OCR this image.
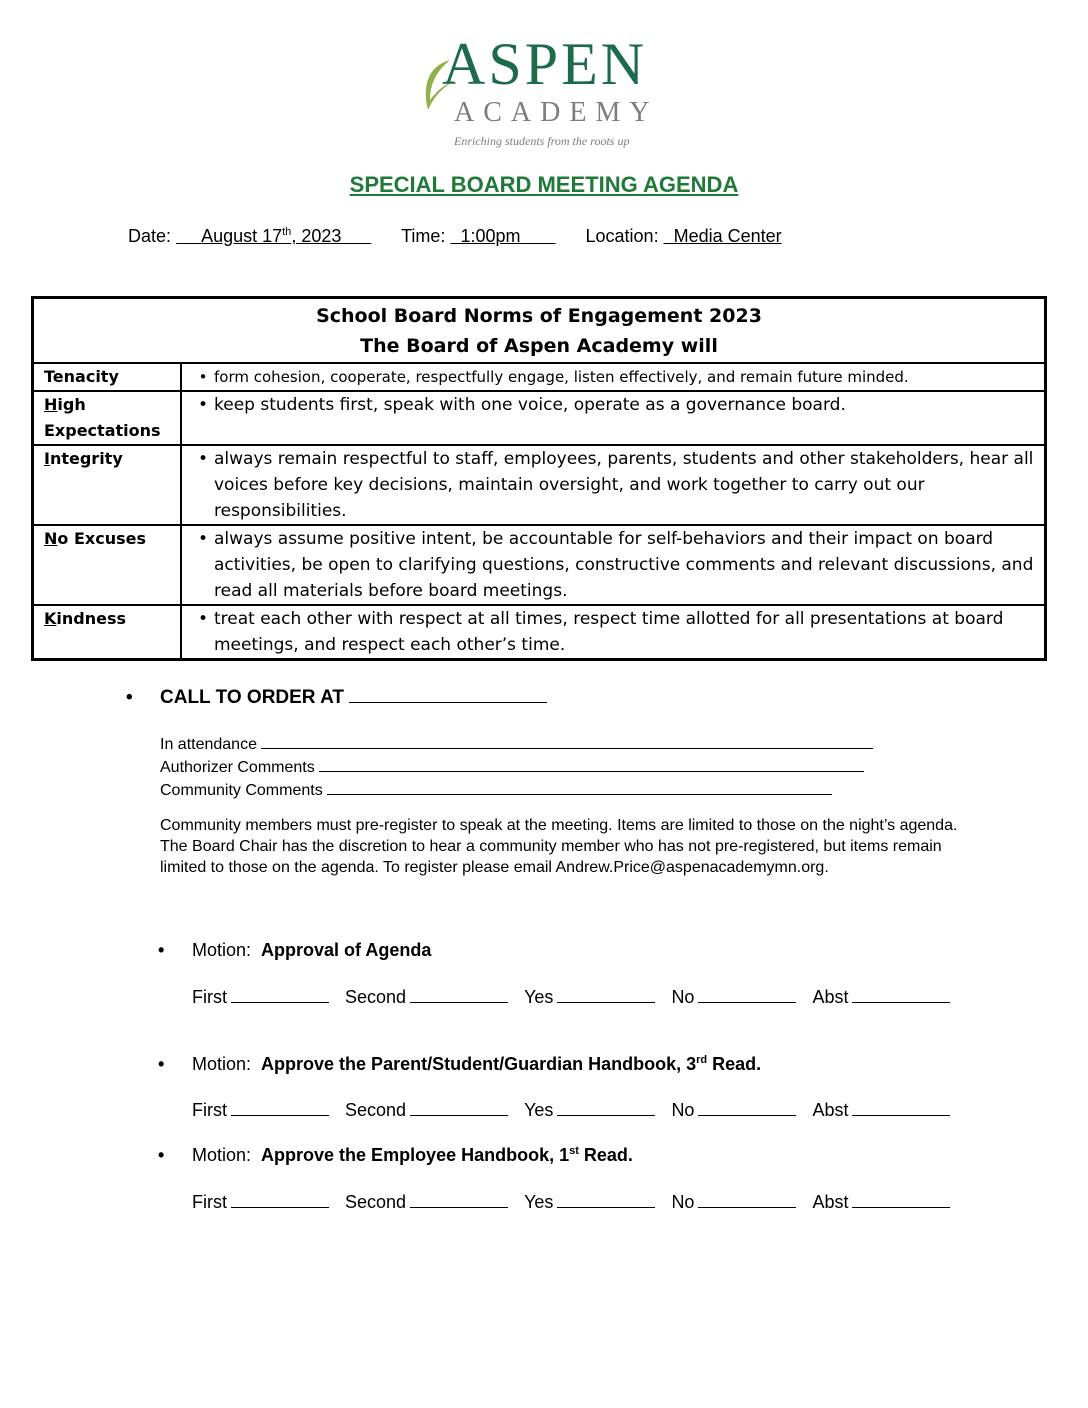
ASPEN
ACADEMY
Enriching students from the roots up
SPECIAL BOARD MEETING AGENDA
Date: August 17th, 2023	Time: 1:00pm	Location: Media Center
School Board Norms of Engagement 2023
The Board of Aspen Academy will	

Tenacity	• form cohesion, cooperate, respectfully engage, listen effectively, and remain future minded.

High
Expectations	• keep students first, speak with one voice, operate as a governance board.

Integrity	• always remain respectful to staff, employees, parents, students and other stakeholders, hear all voices before key decisions, maintain oversight, and work together to carry out our responsibilities.

No Excuses	• always assume positive intent, be accountable for self-behaviors and their impact on board activities, be open to clarifying questions, constructive comments and relevant discussions, and read all materials before board meetings.

Kindness	• treat each other with respect at all times, respect time allotted for all presentations at board meetings, and respect each other’s time.
• CALL TO ORDER AT
In attendance
Authorizer Comments
Community Comments
Community members must pre-register to speak at the meeting. Items are limited to those on the night’s agenda. The Board Chair has the discretion to hear a community member who has not pre-registered, but items remain limited to those on the agenda. To register please email Andrew.Price@aspenacademymn.org.
• Motion: Approval of Agenda
First	Second	Yes	No	Abst
• Motion: Approve the Parent/Student/Guardian Handbook, 3rd Read.
First	Second	Yes	No	Abst
• Motion: Approve the Employee Handbook, 1st Read.
First	Second	Yes	No	Abst
